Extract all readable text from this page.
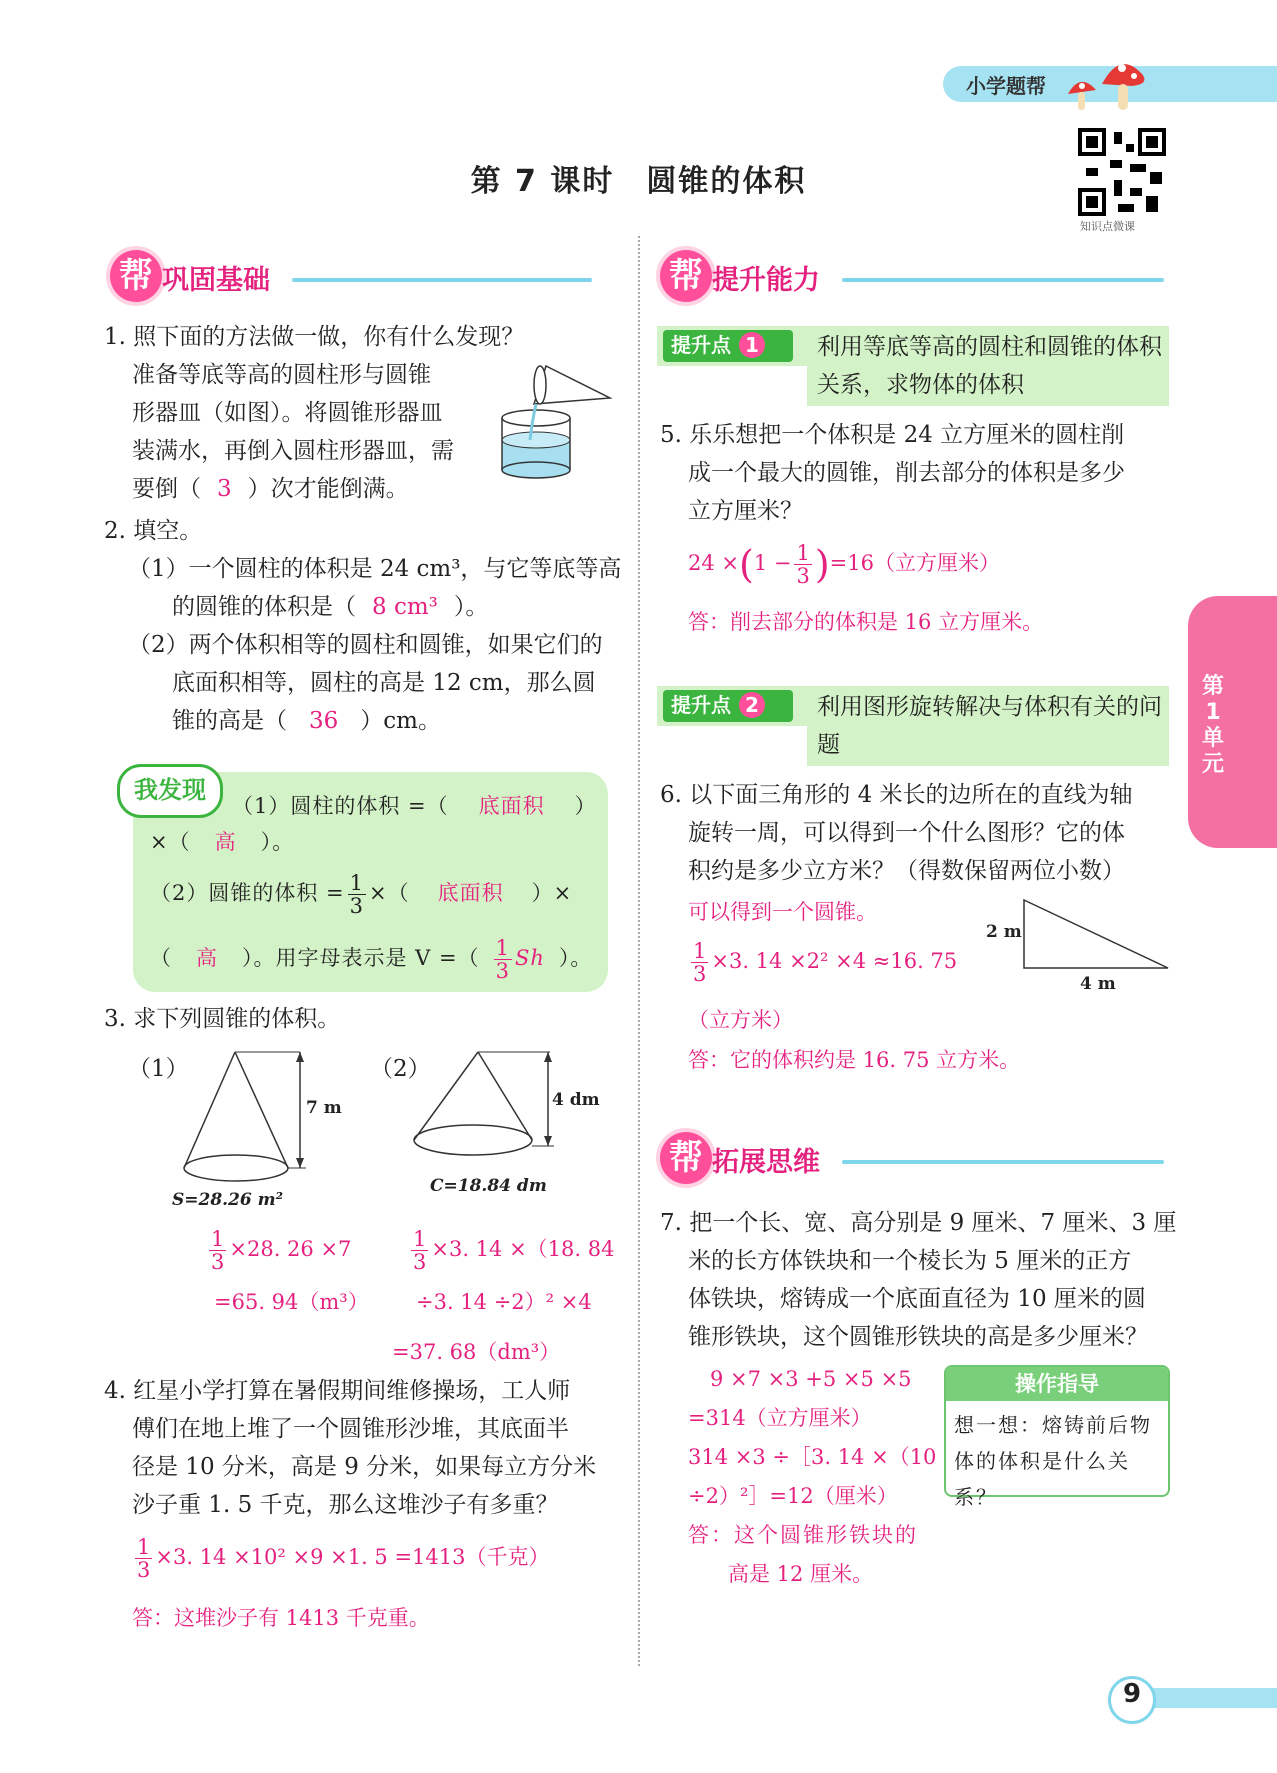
小学题帮
第 7 课时　圆锥的体积
知识点微课
帮 巩固基础	帮 提升能力
帮 拓展思维
1. 照下面的方法做一做，你有什么发现？
准备等底等高的圆柱形与圆锥
形器皿（如图）。将圆锥形器皿
装满水，再倒入圆柱形器皿，需
要倒（ 3 ）次才能倒满。
2. 填空。
（1）一个圆柱的体积是 24 cm³，与它等底等高
的圆锥的体积是（ 8 cm³ ）。
（2）两个体积相等的圆柱和圆锥，如果它们的
底面积相等，圆柱的高是 12 cm，那么圆
锥的高是（ 36 ）cm。
我发现
（1）圆柱的体积 =（ 底面积 ）
×（ 高 ）。
（2）圆锥的体积 = $\frac{1}{3}$ ×（ 底面积 ）×
（ 高 ）。用字母表示是 V =（ $\frac{1}{3}$ Sh ）。
3. 求下列圆锥的体积。
（1）	（2）
7 m
S=28.26 m²
4 dm
C=18.84 dm
$\frac{1}{3} \times 28$. 26 ×7
=65. 94（m³）
$\frac{1}{3} \times 3$. 14 ×（18. 84
÷3. 14 ÷2）² ×4
=37. 68（dm³）
4. 红星小学打算在暑假期间维修操场，工人师
傅们在地上堆了一个圆锥形沙堆，其底面半
径是 10 分米，高是 9 分米，如果每立方分米
沙子重 1. 5 千克，那么这堆沙子有多重？
$\frac{1}{3} \times 3$. 14 ×10² ×9 ×1. 5 =1413（千克）
答：这堆沙子有 1413 千克重。
提升点 1	利用等底等高的圆柱和圆锥的体积关系，求物体的体积
5. 乐乐想把一个体积是 24 立方厘米的圆柱削
成一个最大的圆锥，削去部分的体积是多少
立方厘米？
$24 \times(1 - \frac{1}{3} )=16$（立方厘米）
答：削去部分的体积是 16 立方厘米。
提升点 2	利用图形旋转解决与体积有关的问题
6. 以下面三角形的 4 米长的边所在的直线为轴
旋转一周，可以得到一个什么图形？它的体
积约是多少立方米？（得数保留两位小数）
可以得到一个圆锥。
$\frac{1}{3} \times 3$. 14 ×2² ×4 ≈16. 75
（立方米）
答：它的体积约是 16. 75 立方米。
2 m
4 m
7. 把一个长、宽、高分别是 9 厘米、7 厘米、3 厘
米的长方体铁块和一个棱长为 5 厘米的正方
体铁块，熔铸成一个底面直径为 10 厘米的圆
锥形铁块，这个圆锥形铁块的高是多少厘米？
9 ×7 ×3 +5 ×5 ×5
=314（立方厘米）
314 ×3 ÷［3. 14 ×（10
÷2）²］=12（厘米）
答：这个圆锥形铁块的
高是 12 厘米。
操作指导
想一想：熔铸前后物
体的体积是什么关系？
第1单元
9
